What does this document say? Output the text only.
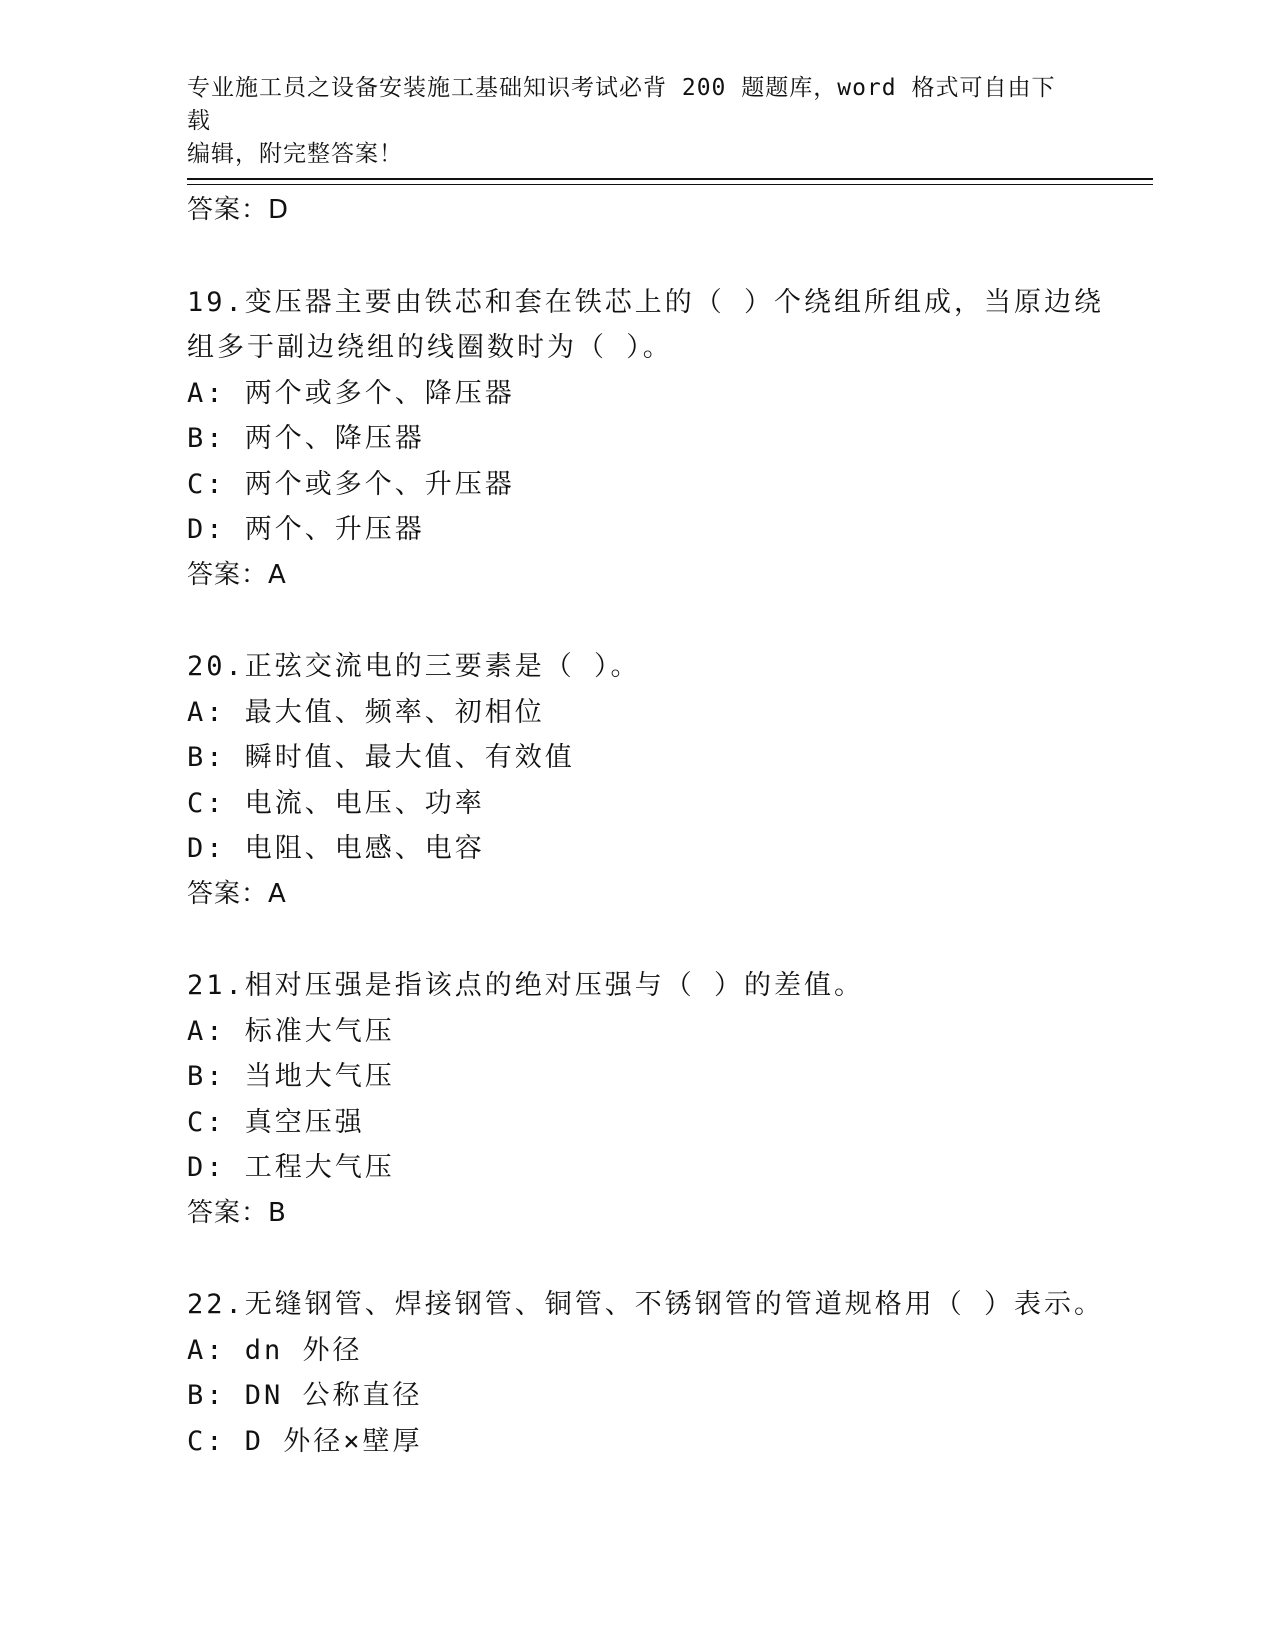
专业施工员之设备安装施工基础知识考试必背 200 题题库，word 格式可自由下载
编辑，附完整答案！
答案：D
19.变压器主要由铁芯和套在铁芯上的（ ）个绕组所组成，当原边绕
组多于副边绕组的线圈数时为（ ）。
A: 两个或多个、降压器
B: 两个、降压器
C: 两个或多个、升压器
D: 两个、升压器
答案：A
20.正弦交流电的三要素是（ ）。
A: 最大值、频率、初相位
B: 瞬时值、最大值、有效值
C: 电流、电压、功率
D: 电阻、电感、电容
答案：A
21.相对压强是指该点的绝对压强与（ ）的差值。
A: 标准大气压
B: 当地大气压
C: 真空压强
D: 工程大气压
答案：B
22.无缝钢管、焊接钢管、铜管、不锈钢管的管道规格用（ ）表示。
A: dn 外径
B: DN 公称直径
C: D 外径×壁厚
